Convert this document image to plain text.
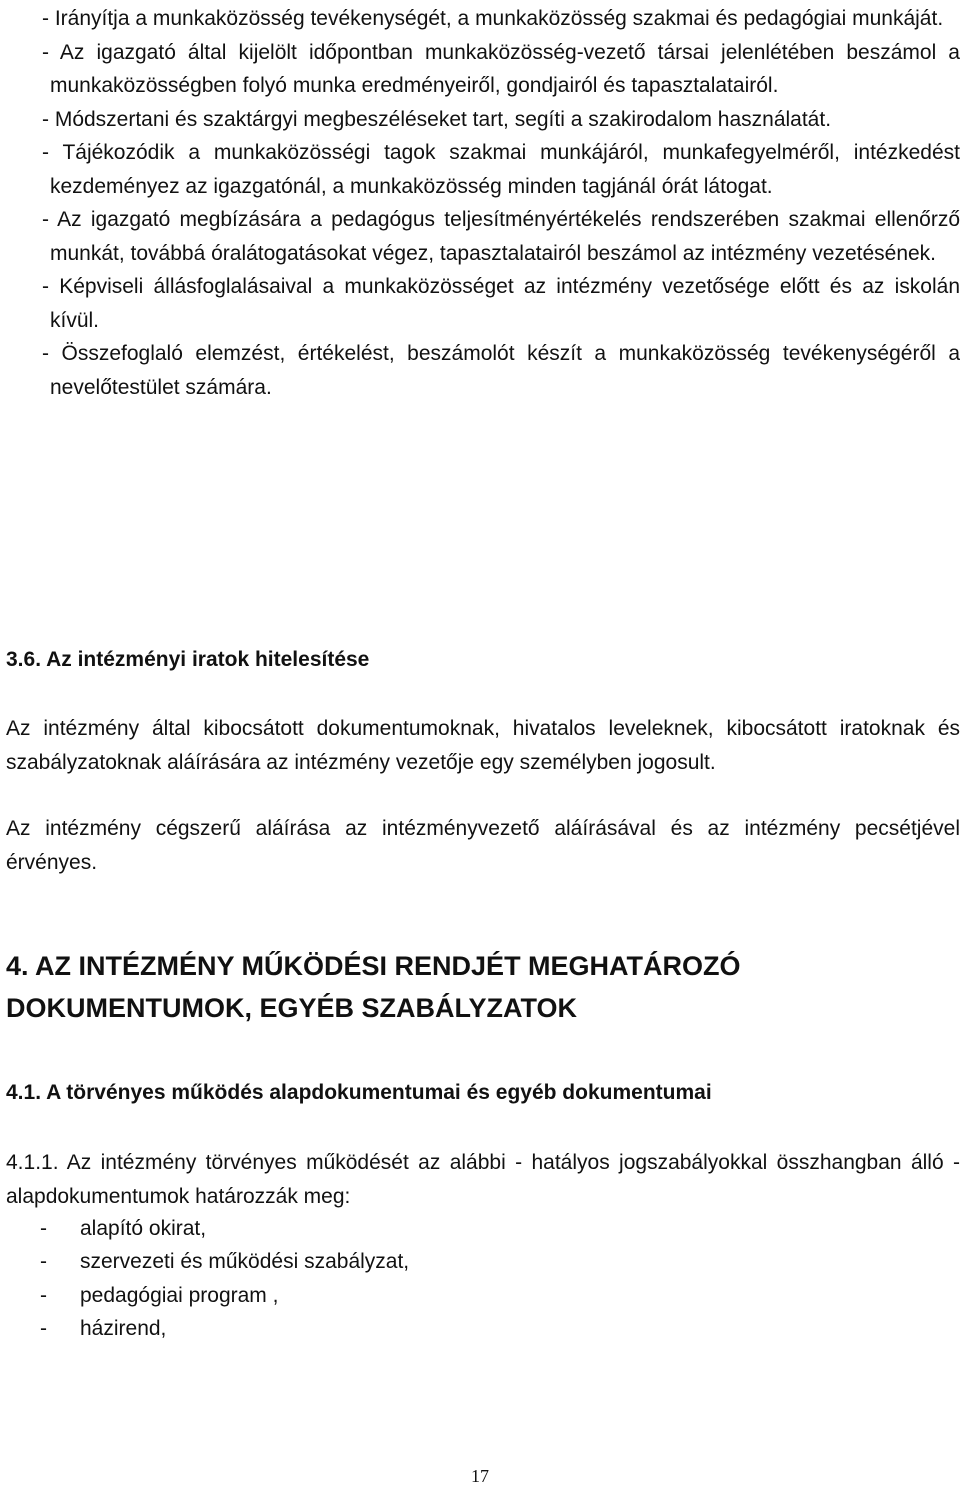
- Irányítja a munkaközösség tevékenységét, a munkaközösség szakmai és pedagógiai munkáját.

- Az igazgató által kijelölt időpontban munkaközösség-vezető társai jelenlétében beszámol a munkaközösségben folyó munka eredményeiről, gondjairól és tapasztalatairól.

- Módszertani és szaktárgyi megbeszéléseket tart, segíti a szakirodalom használatát.

- Tájékozódik a munkaközösségi tagok szakmai munkájáról, munkafegyelméről, intézkedést kezdeményez az igazgatónál, a munkaközösség minden tagjánál órát látogat.

- Az igazgató megbízására a pedagógus teljesítményértékelés rendszerében szakmai ellenőrző munkát, továbbá óralátogatásokat végez, tapasztalatairól beszámol az intézmény vezetésének.

- Képviseli állásfoglalásaival a munkaközösséget az intézmény vezetősége előtt és az iskolán kívül.

- Összefoglaló elemzést, értékelést, beszámolót készít a munkaközösség tevékenységéről a nevelőtestület számára.

3.6. Az intézményi iratok hitelesítése

Az intézmény által kibocsátott dokumentumoknak, hivatalos leveleknek, kibocsátott iratoknak és szabályzatoknak aláírására az intézmény vezetője egy személyben jogosult.

Az intézmény cégszerű aláírása az intézményvezető aláírásával és az intézmény pecsétjével érvényes.

4. AZ INTÉZMÉNY MŰKÖDÉSI RENDJÉT MEGHATÁROZÓ DOKUMENTUMOK, EGYÉB SZABÁLYZATOK
4.1. A törvényes működés alapdokumentumai és egyéb dokumentumai

4.1.1. Az intézmény törvényes működését az alábbi - hatályos jogszabályokkal összhangban álló - alapdokumentumok határozzák meg:

- alapító okirat,

- szervezeti és működési szabályzat,

- pedagógiai program ,

- házirend,

17
